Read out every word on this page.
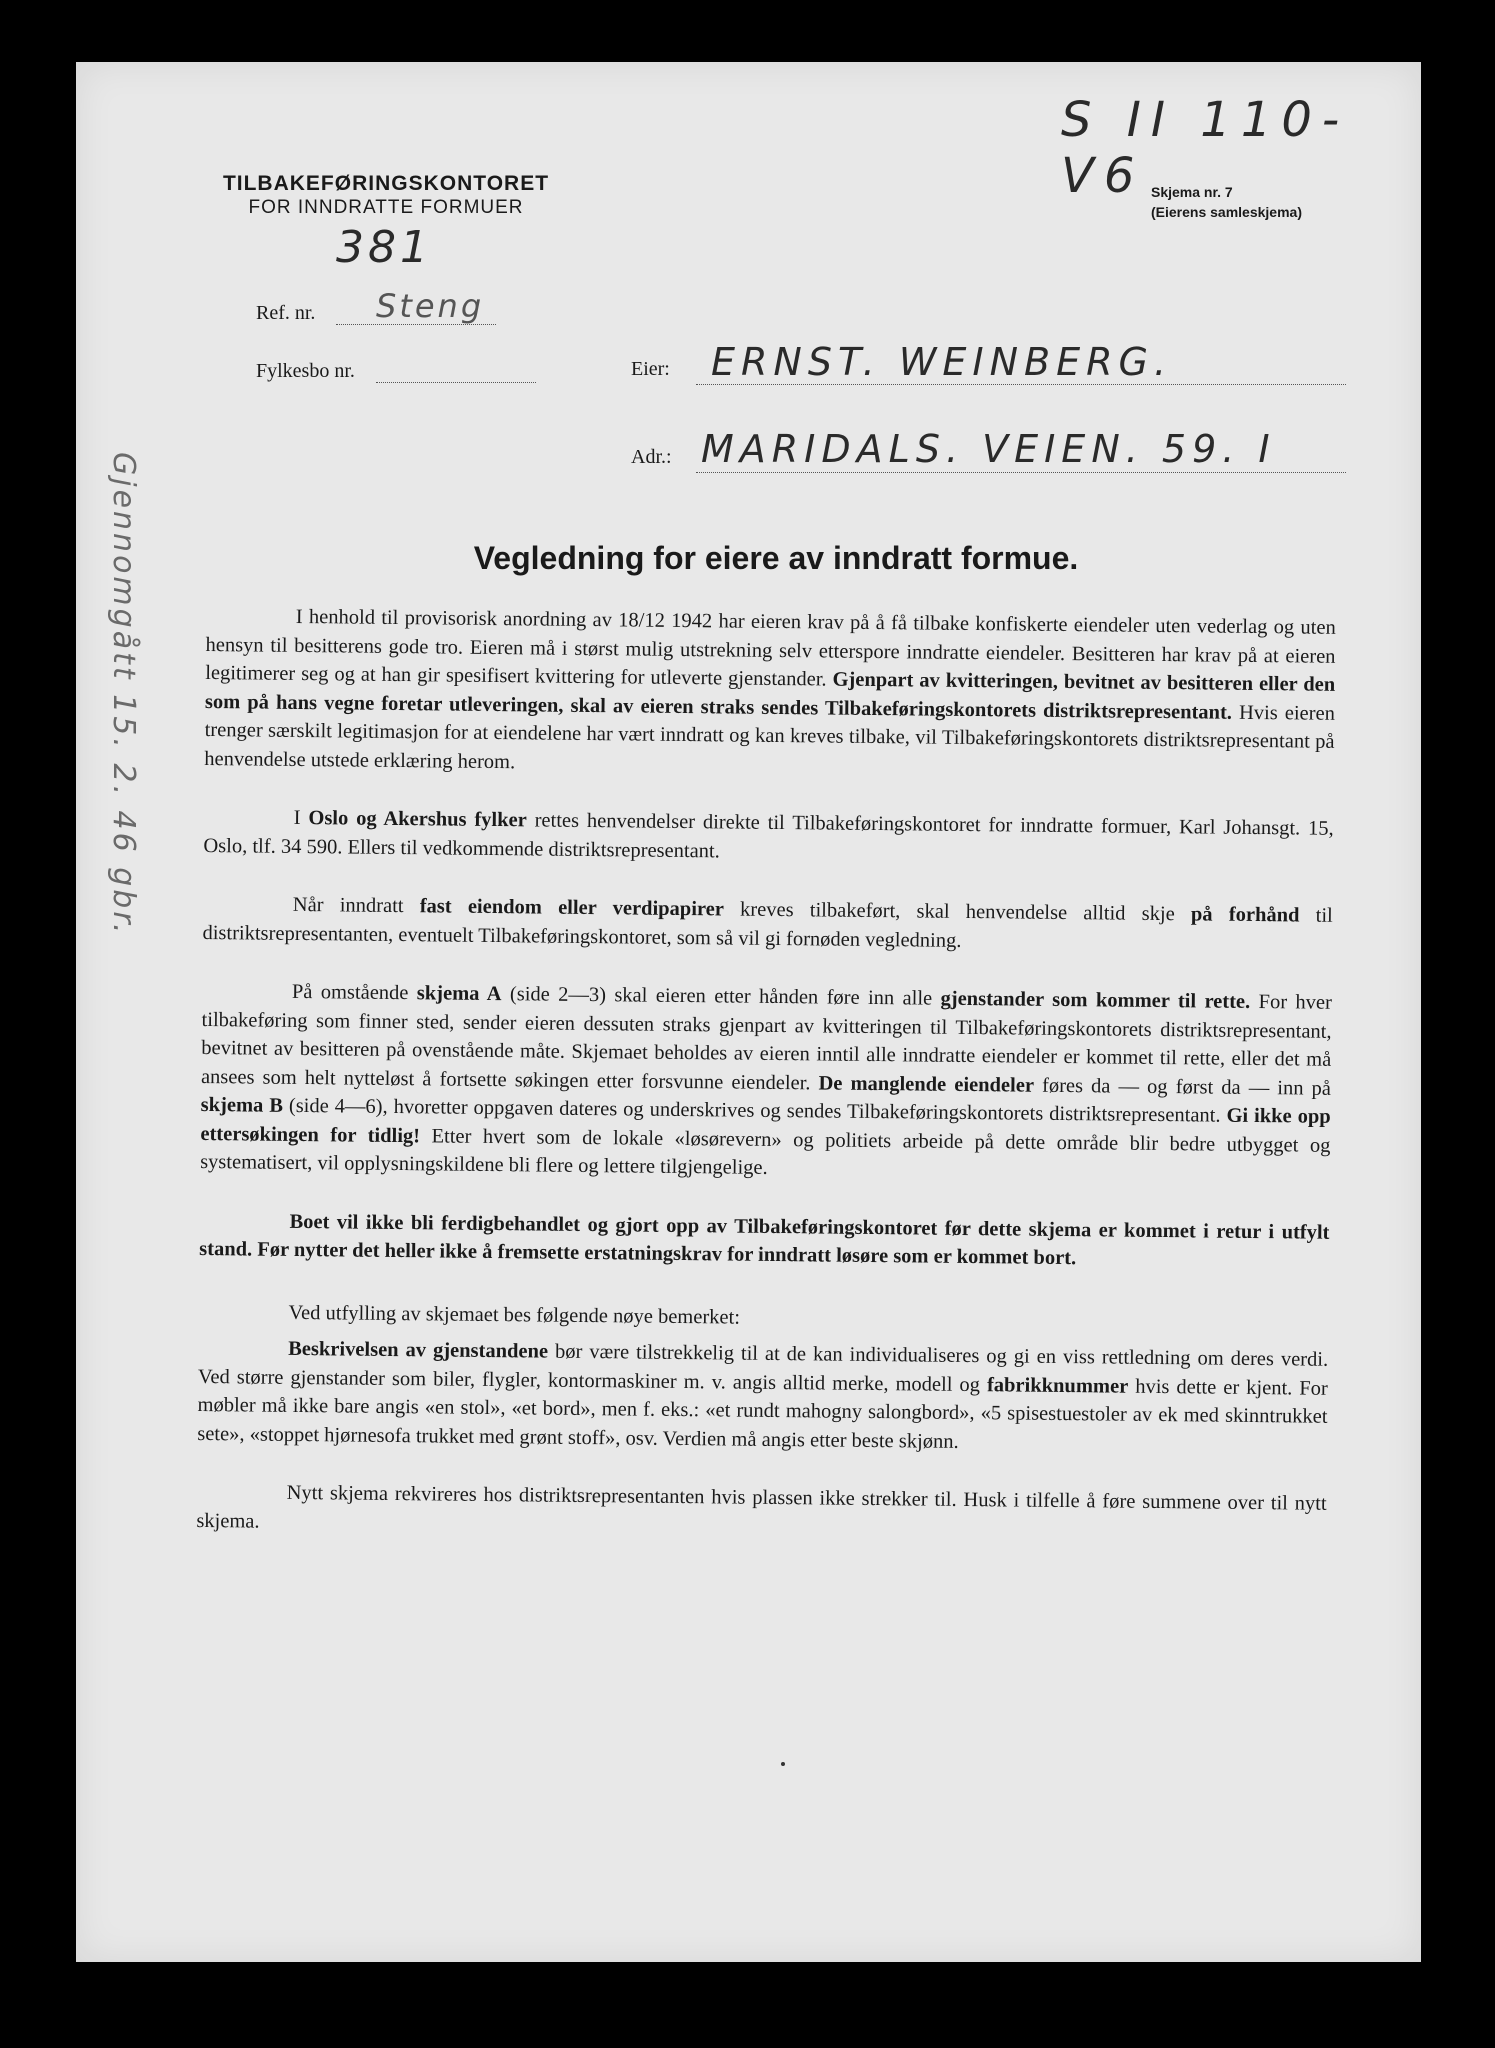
S II 110-V6
TILBAKEFØRINGSKONTORET
FOR INNDRATTE FORMUER
Skjema nr. 7
(Eierens samleskjema)
381
Ref. nr. Steng
Fylkesbo nr.	Eier: ERNST. WEINBERG.
Adr.: MARIDALS. VEIEN. 59. I
Gjennomgått 15. 2. 46 gbr.	Vegledning for eiere av inndratt formue.

I henhold til provisorisk anordning av 18/12 1942 har eieren krav på å få tilbake konfiskerte eiendeler uten vederlag og uten hensyn til besitterens gode tro. Eieren må i størst mulig utstrekning selv etterspore inndratte eiendeler. Besitteren har krav på at eieren legitimerer seg og at han gir spesifisert kvittering for utleverte gjenstander. Gjenpart av kvitteringen, bevitnet av besitteren eller den som på hans vegne foretar utleveringen, skal av eieren straks sendes Tilbakeføringskontorets distriktsrepresentant. Hvis eieren trenger særskilt legitimasjon for at eiendelene har vært inndratt og kan kreves tilbake, vil Tilbakeføringskontorets distriktsrepresentant på henvendelse utstede erklæring herom.

I Oslo og Akershus fylker rettes henvendelser direkte til Tilbakeføringskontoret for inndratte formuer, Karl Johansgt. 15, Oslo, tlf. 34 590. Ellers til vedkommende distriktsrepresentant.

Når inndratt fast eiendom eller verdipapirer kreves tilbakeført, skal henvendelse alltid skje på forhånd til distriktsrepresentanten, eventuelt Tilbakeføringskontoret, som så vil gi fornøden vegledning.

På omstående skjema A (side 2—3) skal eieren etter hånden føre inn alle gjenstander som kommer til rette. For hver tilbakeføring som finner sted, sender eieren dessuten straks gjenpart av kvitteringen til Tilbakeføringskontorets distriktsrepresentant, bevitnet av besitteren på ovenstående måte. Skjemaet beholdes av eieren inntil alle inndratte eiendeler er kommet til rette, eller det må ansees som helt nytteløst å fortsette søkingen etter forsvunne eiendeler. De manglende eiendeler føres da — og først da — inn på skjema B (side 4—6), hvoretter oppgaven dateres og underskrives og sendes Tilbakeføringskontorets distriktsrepresentant. Gi ikke opp ettersøkingen for tidlig! Etter hvert som de lokale «løsørevern» og politiets arbeide på dette område blir bedre utbygget og systematisert, vil opplysningskildene bli flere og lettere tilgjengelige.

Boet vil ikke bli ferdigbehandlet og gjort opp av Tilbakeføringskontoret før dette skjema er kommet i retur i utfylt stand. Før nytter det heller ikke å fremsette erstatningskrav for inndratt løsøre som er kommet bort.

Ved utfylling av skjemaet bes følgende nøye bemerket:

Beskrivelsen av gjenstandene bør være tilstrekkelig til at de kan individualiseres og gi en viss rettledning om deres verdi. Ved større gjenstander som biler, flygler, kontormaskiner m. v. angis alltid merke, modell og fabrikknummer hvis dette er kjent. For møbler må ikke bare angis «en stol», «et bord», men f. eks.: «et rundt mahogny salongbord», «5 spisestuestoler av ek med skinntrukket sete», «stoppet hjørnesofa trukket med grønt stoff», osv. Verdien må angis etter beste skjønn.

Nytt skjema rekvireres hos distriktsrepresentanten hvis plassen ikke strekker til. Husk i tilfelle å føre summene over til nytt skjema.
